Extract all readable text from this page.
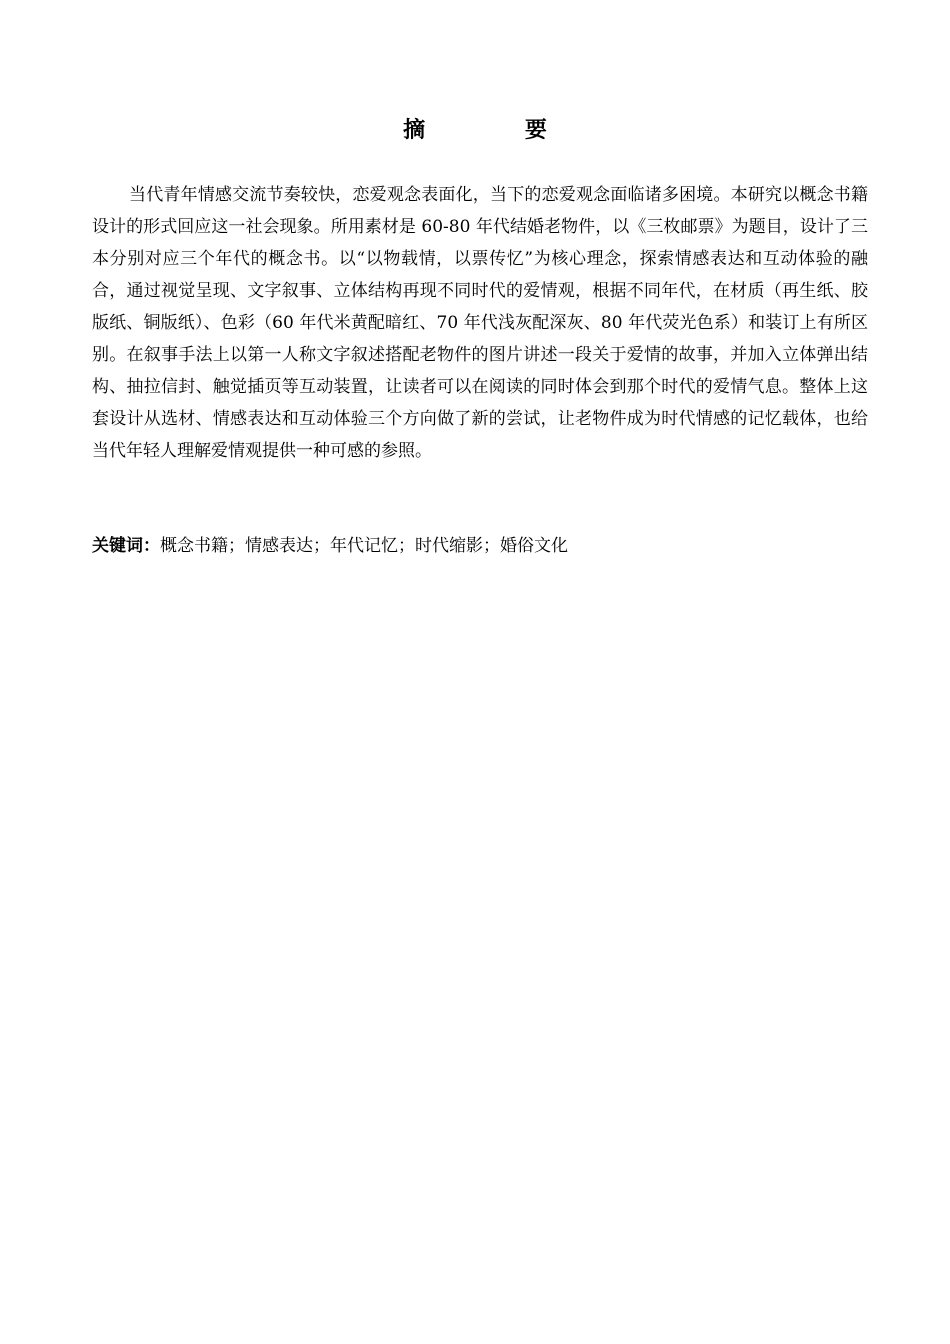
摘 要

当代青年情感交流节奏较快，恋爱观念表面化，当下的恋爱观念面临诸多困境。本研究以概念书籍设计的形式回应这一社会现象。所用素材是 60-80 年代结婚老物件，以《三枚邮票》为题目，设计了三本分别对应三个年代的概念书。以“以物载情，以票传忆”为核心理念，探索情感表达和互动体验的融合，通过视觉呈现、文字叙事、立体结构再现不同时代的爱情观，根据不同年代，在材质（再生纸、胶版纸、铜版纸）、色彩（60 年代米黄配暗红、70 年代浅灰配深灰、80 年代荧光色系）和装订上有所区别。在叙事手法上以第一人称文字叙述搭配老物件的图片讲述一段关于爱情的故事，并加入立体弹出结构、抽拉信封、触觉插页等互动装置，让读者可以在阅读的同时体会到那个时代的爱情气息。整体上这套设计从选材、情感表达和互动体验三个方向做了新的尝试，让老物件成为时代情感的记忆载体，也给当代年轻人理解爱情观提供一种可感的参照。

关键词：概念书籍；情感表达；年代记忆；时代缩影；婚俗文化
